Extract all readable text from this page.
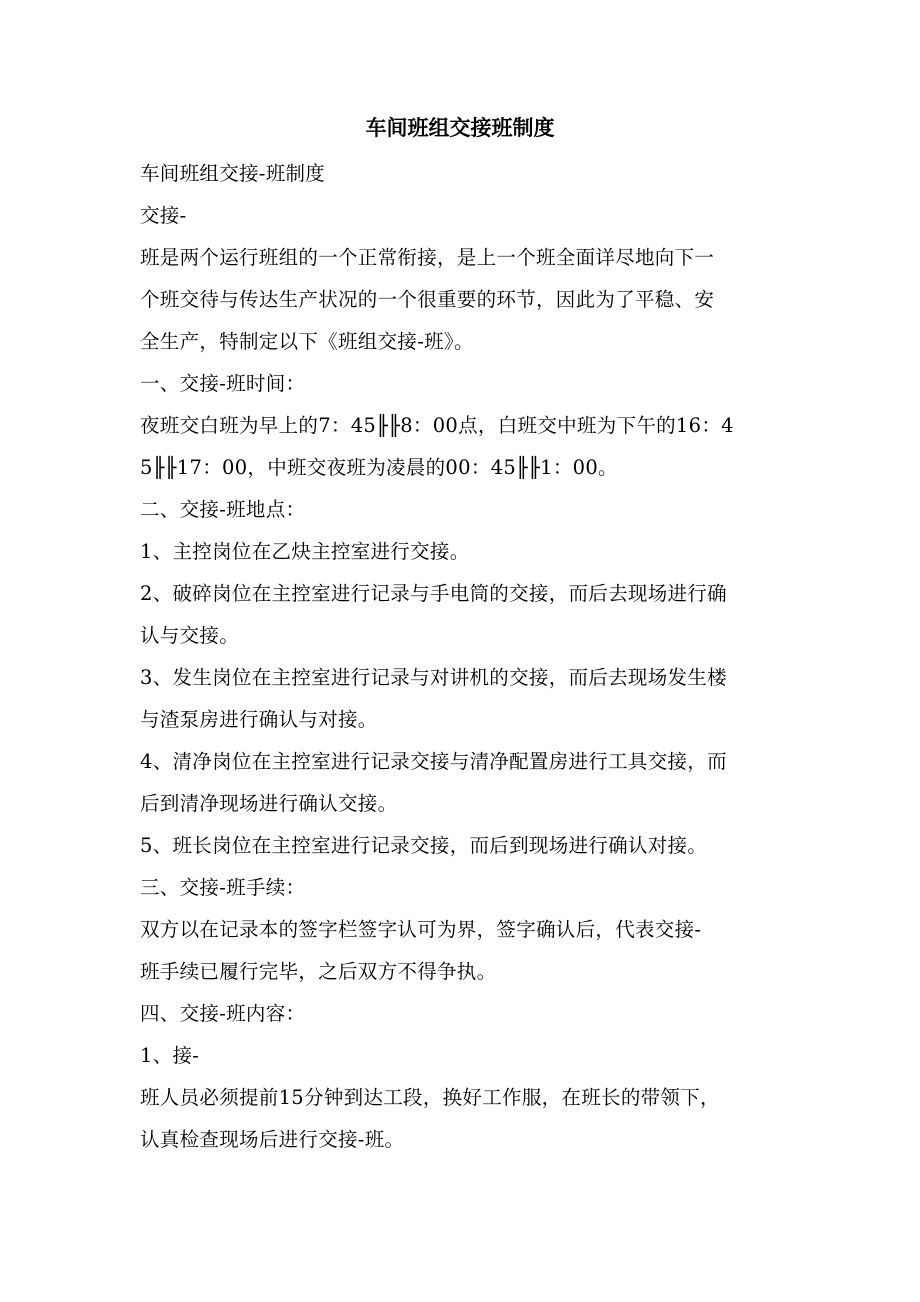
车间班组交接班制度
车间班组交接-班制度
交接-
班是两个运行班组的一个正常衔接，是上一个班全面详尽地向下一
个班交待与传达生产状况的一个很重要的环节，因此为了平稳、安
全生产，特制定以下《班组交接-班》。
一、交接-班时间：
夜班交白班为早上的7：45╟╟8：00点，白班交中班为下午的16：4
5╟╟17：00，中班交夜班为凌晨的00：45╟╟1：00。
二、交接-班地点：
1、主控岗位在乙炔主控室进行交接。
2、破碎岗位在主控室进行记录与手电筒的交接，而后去现场进行确
认与交接。
3、发生岗位在主控室进行记录与对讲机的交接，而后去现场发生楼
与渣泵房进行确认与对接。
4、清净岗位在主控室进行记录交接与清净配置房进行工具交接，而
后到清净现场进行确认交接。
5、班长岗位在主控室进行记录交接，而后到现场进行确认对接。
三、交接-班手续：
双方以在记录本的签字栏签字认可为界，签字确认后，代表交接-
班手续已履行完毕，之后双方不得争执。
四、交接-班内容：
1、接-
班人员必须提前15分钟到达工段，换好工作服，在班长的带领下，
认真检查现场后进行交接-班。
